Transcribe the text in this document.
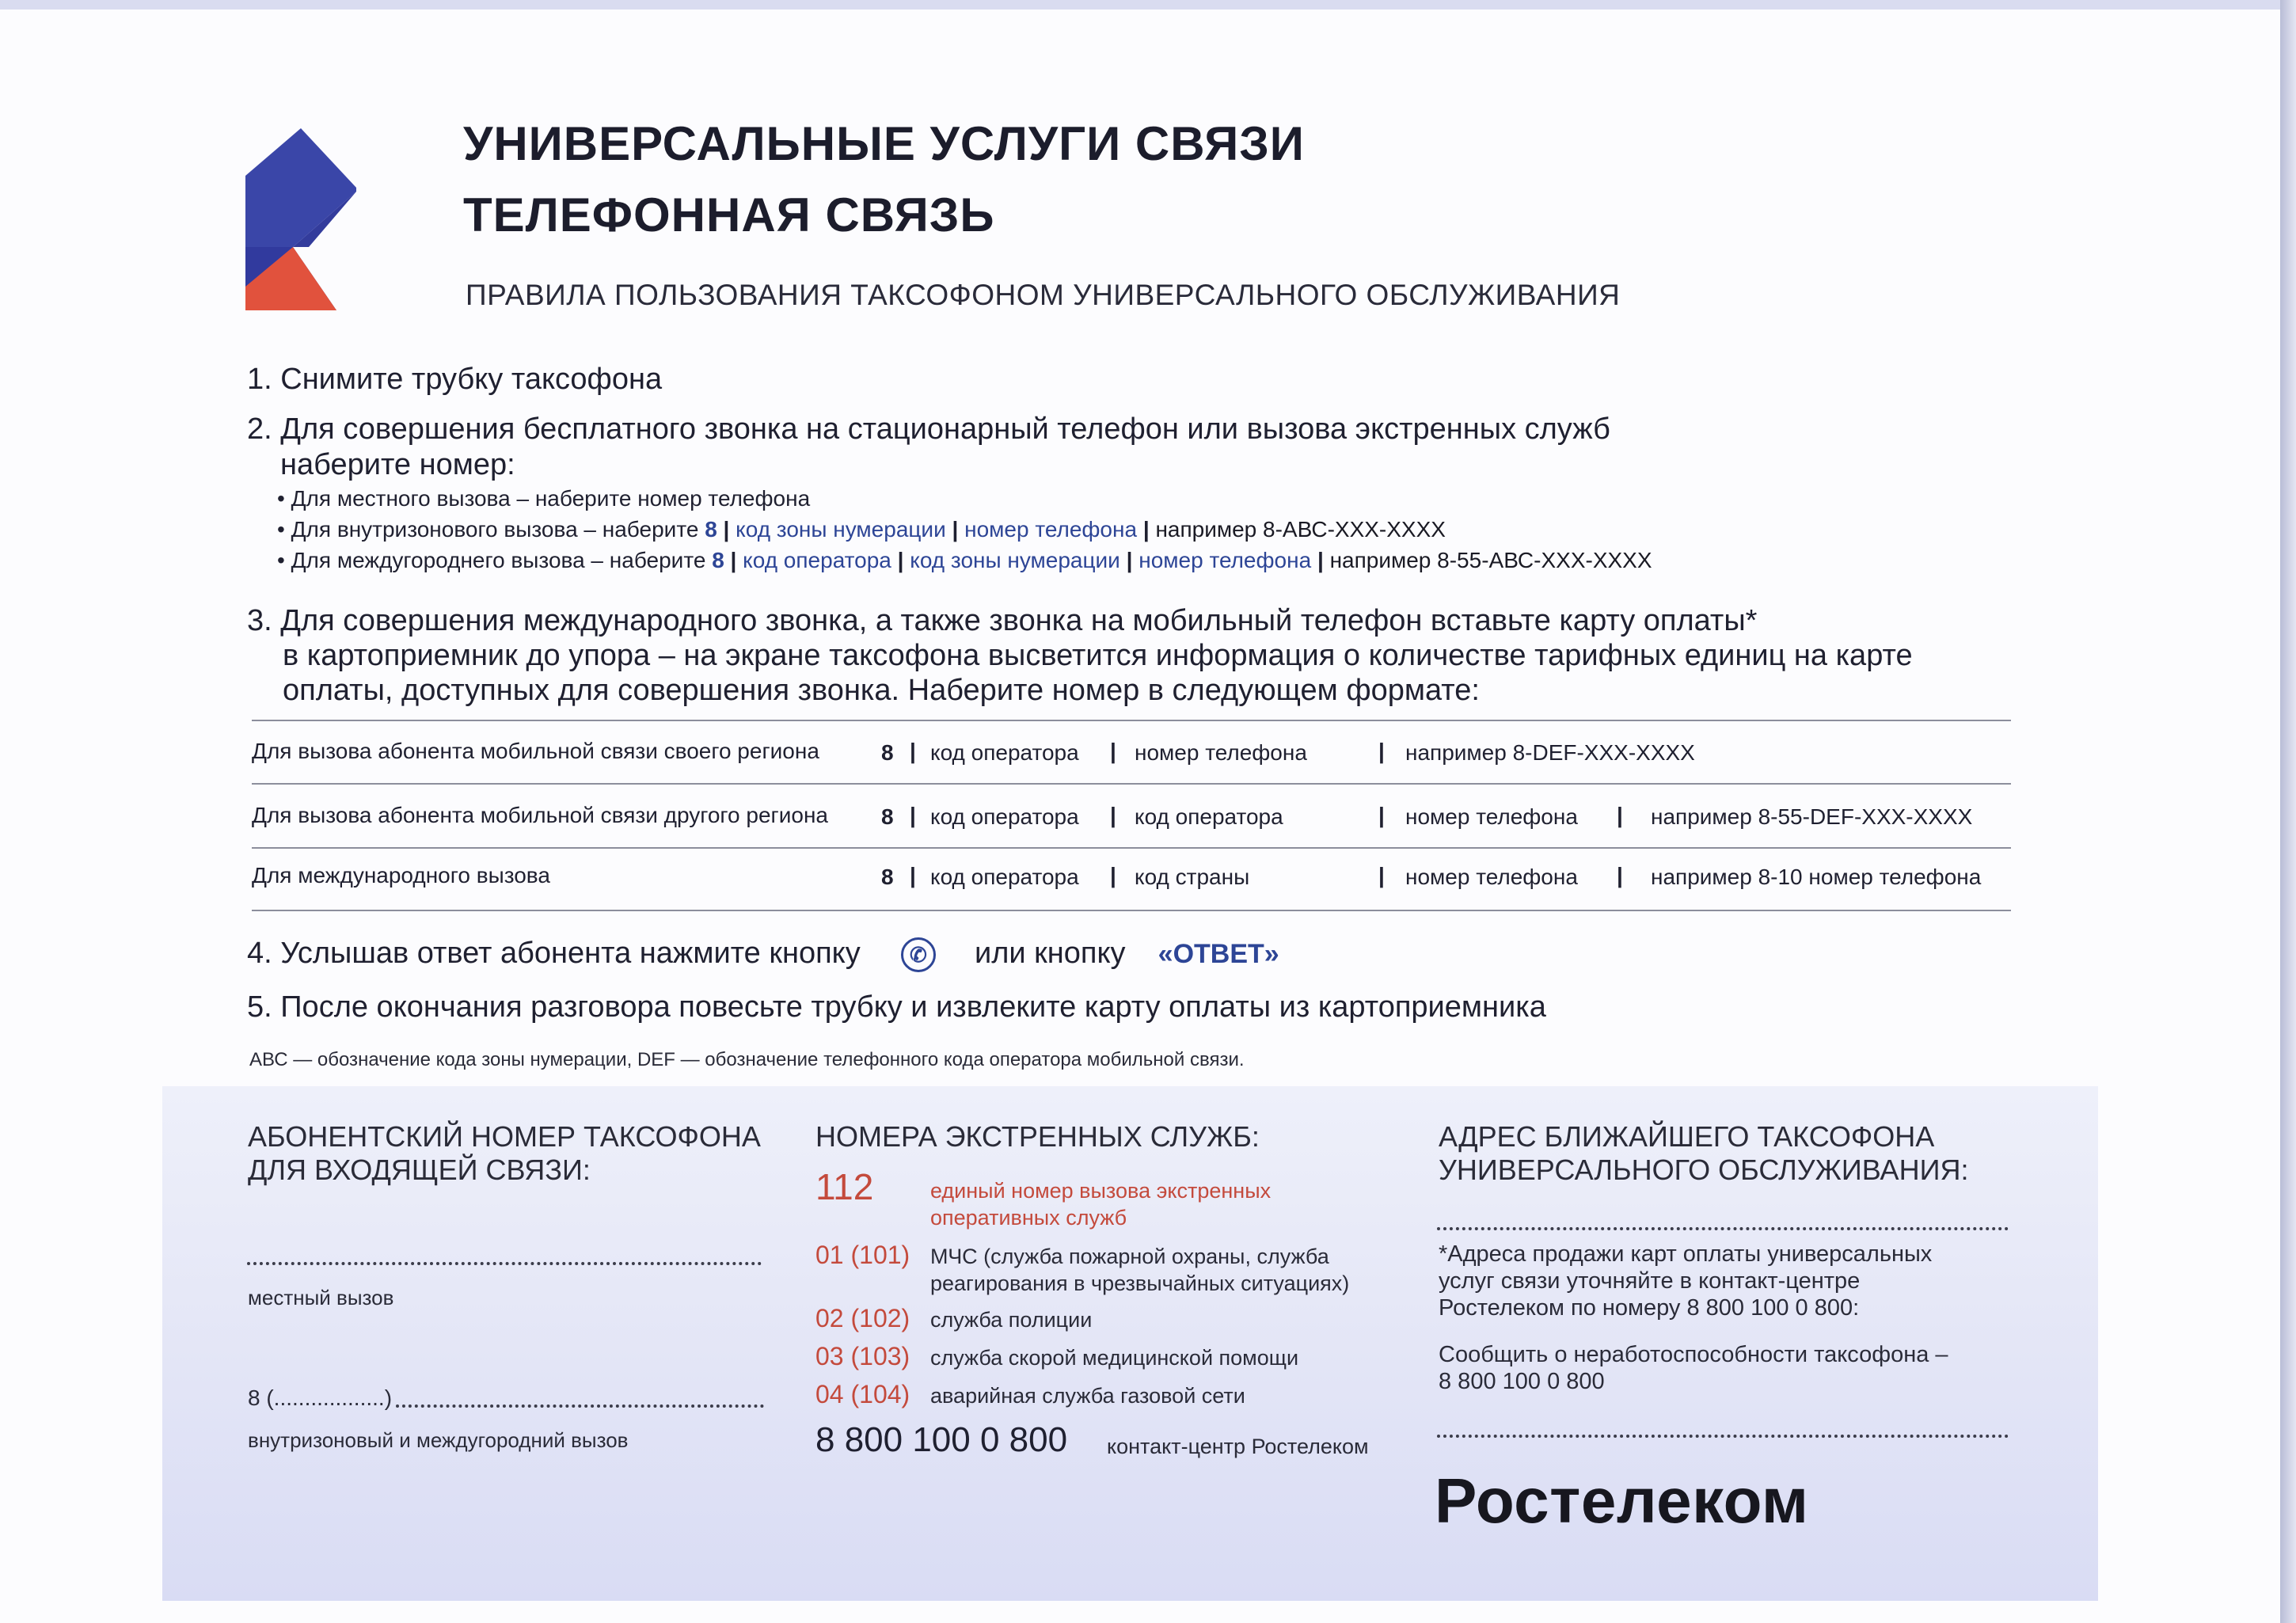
УНИВЕРСАЛЬНЫЕ УСЛУГИ СВЯЗИ
ТЕЛЕФОННАЯ СВЯЗЬ
ПРАВИЛА ПОЛЬЗОВАНИЯ ТАКСОФОНОМ УНИВЕРСАЛЬНОГО ОБСЛУЖИВАНИЯ
1. Снимите трубку таксофона
2. Для совершения бесплатного звонка на стационарный телефон или вызова экстренных служб
наберите номер:
• Для местного вызова – наберите номер телефона
• Для внутризонового вызова – наберите 8 | код зоны нумерации | номер телефона | например 8-АВС-ХХХ-ХХХХ
• Для междугороднего вызова – наберите 8 | код оператора | код зоны нумерации | номер телефона | например 8-55-АВС-ХХХ-ХХХХ
3. Для совершения международного звонка, а также звонка на мобильный телефон вставьте карту оплаты*
в картоприемник до упора – на экране таксофона высветится информация о количестве тарифных единиц на карте
оплаты, доступных для совершения звонка. Наберите номер в следующем формате:
Для вызова абонента мобильной связи своего региона	8 | код оператора | номер телефона	| например 8-DEF-XXX-XXXX
Для вызова абонента мобильной связи другого региона 8 | код оператора | код оператора	| номер телефона | например 8-55-DEF-XXX-XXXX
Для международного вызова	8 | код оператора | код страны	| номер телефона | например 8-10 номер телефона
4. Услышав ответ абонента нажмите кнопку ✆ или кнопку «ОТВЕТ»
5. После окончания разговора повесьте трубку и извлеките карту оплаты из картоприемника
АВС — обозначение кода зоны нумерации, DEF — обозначение телефонного кода оператора мобильной связи.
АБОНЕНТСКИЙ НОМЕР ТАКСОФОНА
ДЛЯ ВХОДЯЩЕЙ СВЯЗИ:
местный вызов
8 (..................)
внутризоновый и междугородний вызов
НОМЕРА ЭКСТРЕННЫХ СЛУЖБ:
112	единый номер вызова экстренных
оперативных служб
01 (101) МЧС (служба пожарной охраны, служба
реагирования в чрезвычайных ситуациях)
02 (102) служба полиции
03 (103) служба скорой медицинской помощи
04 (104) аварийная служба газовой сети
8 800 100 0 800 контакт-центр Ростелеком
АДРЕС БЛИЖАЙШЕГО ТАКСОФОНА
УНИВЕРСАЛЬНОГО ОБСЛУЖИВАНИЯ:
*Адреса продажи карт оплаты универсальных
услуг связи уточняйте в контакт-центре
Ростелеком по номеру 8 800 100 0 800:
Сообщить о неработоспособности таксофона –
8 800 100 0 800
Ростелеком
